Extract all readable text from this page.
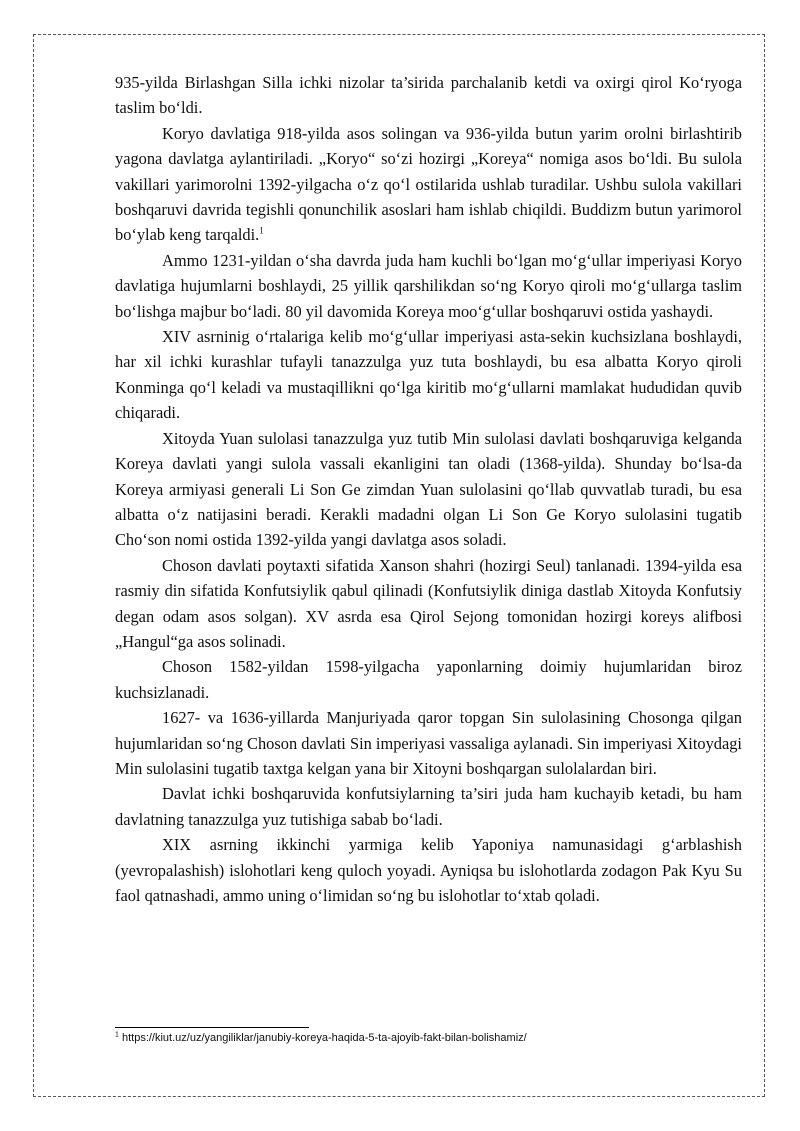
935-yilda Birlashgan Silla ichki nizolar ta’sirida parchalanib ketdi va oxirgi qirol Ko‘ryoga taslim bo‘ldi.

Koryo davlatiga 918-yilda asos solingan va 936-yilda butun yarim orolni birlashtirib yagona davlatga aylantiriladi. „Koryo“ so‘zi hozirgi „Koreya“ nomiga asos bo‘ldi. Bu sulola vakillari yarimorolni 1392-yilgacha o‘z qo‘l ostilarida ushlab turadilar. Ushbu sulola vakillari boshqaruvi davrida tegishli qonunchilik asoslari ham ishlab chiqildi. Buddizm butun yarimorol bo‘ylab keng tarqaldi.$^1$

Ammo 1231-yildan o‘sha davrda juda ham kuchli bo‘lgan mo‘g‘ullar imperiyasi Koryo davlatiga hujumlarni boshlaydi, 25 yillik qarshilikdan so‘ng Koryo qiroli mo‘g‘ullarga taslim bo‘lishga majbur bo‘ladi. 80 yil davomida Koreya moo‘g‘ullar boshqaruvi ostida yashaydi.

XIV asrninig o‘rtalariga kelib mo‘g‘ullar imperiyasi asta-sekin kuchsizlana boshlaydi, har xil ichki kurashlar tufayli tanazzulga yuz tuta boshlaydi, bu esa albatta Koryo qiroli Konminga qo‘l keladi va mustaqillikni qo‘lga kiritib mo‘g‘ullarni mamlakat hududidan quvib chiqaradi.

Xitoyda Yuan sulolasi tanazzulga yuz tutib Min sulolasi davlati boshqaruviga kelganda Koreya davlati yangi sulola vassali ekanligini tan oladi (1368-yilda). Shunday bo‘lsa-da Koreya armiyasi generali Li Son Ge zimdan Yuan sulolasini qo‘llab quvvatlab turadi, bu esa albatta o‘z natijasini beradi. Kerakli madadni olgan Li Son Ge Koryo sulolasini tugatib Cho‘son nomi ostida 1392-yilda yangi davlatga asos soladi.

Choson davlati poytaxti sifatida Xanson shahri (hozirgi Seul) tanlanadi. 1394-yilda esa rasmiy din sifatida Konfutsiylik qabul qilinadi (Konfutsiylik diniga dastlab Xitoyda Konfutsiy degan odam asos solgan). XV asrda esa Qirol Sejong tomonidan hozirgi koreys alifbosi „Hangul“ga asos solinadi.

Choson 1582-yildan 1598-yilgacha yaponlarning doimiy hujumlaridan biroz kuchsizlanadi.

1627- va 1636-yillarda Manjuriyada qaror topgan Sin sulolasining Chosonga qilgan hujumlaridan so‘ng Choson davlati Sin imperiyasi vassaliga aylanadi. Sin imperiyasi Xitoydagi Min sulolasini tugatib taxtga kelgan yana bir Xitoyni boshqargan sulolalardan biri.

Davlat ichki boshqaruvida konfutsiylarning ta’siri juda ham kuchayib ketadi, bu ham davlatning tanazzulga yuz tutishiga sabab bo‘ladi.

XIX asrning ikkinchi yarmiga kelib Yaponiya namunasidagi g‘arblashish (yevropalashish) islohotlari keng quloch yoyadi. Ayniqsa bu islohotlarda zodagon Pak Kyu Su faol qatnashadi, ammo uning o‘limidan so‘ng bu islohotlar to‘xtab qoladi.

$^1$ https://kiut.uz/uz/yangiliklar/janubiy-koreya-haqida-5-ta-ajoyib-fakt-bilan-bolishamiz/
